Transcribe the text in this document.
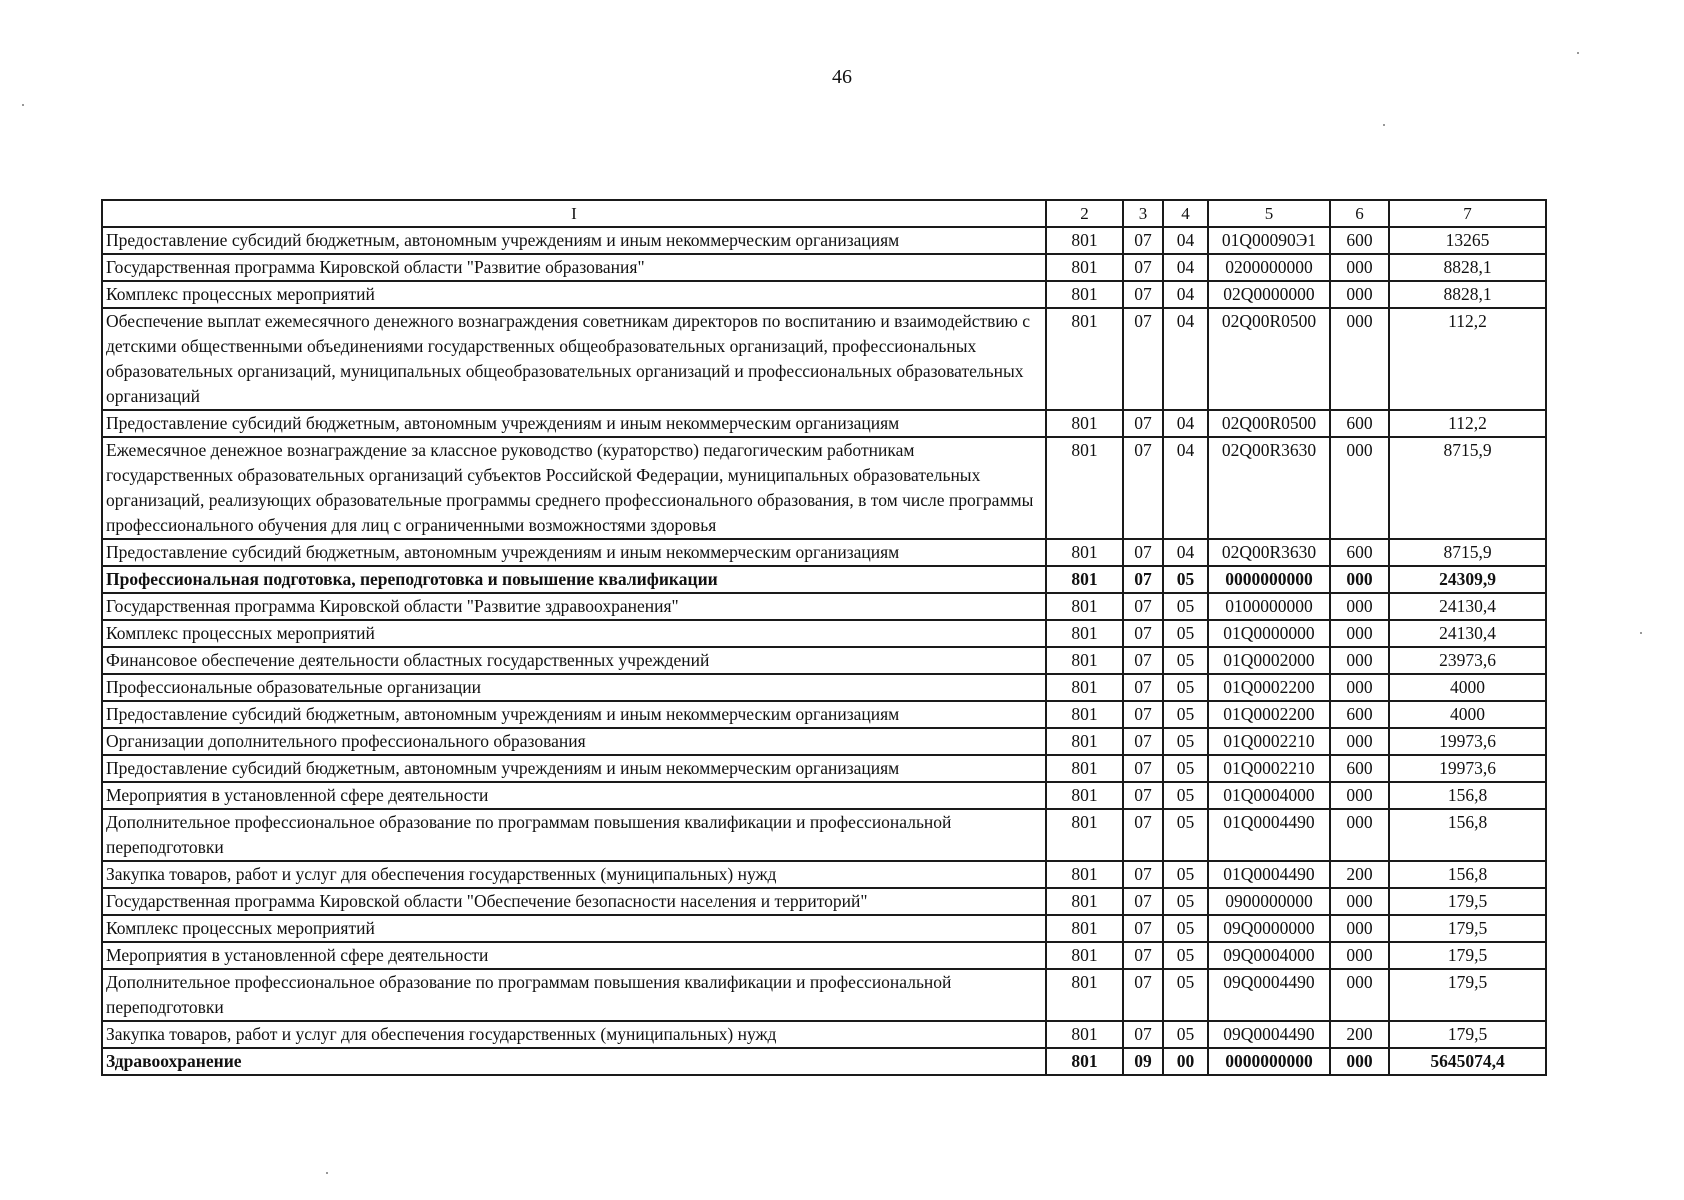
46
I	2	3	4	5	6	7
Предоставление субсидий бюджетным, автономным учреждениям и иным некоммерческим организациям	801	07	04	01Q00090Э1	600	13265
Государственная программа Кировской области "Развитие образования"	801	07	04	0200000000	000	8828,1
Комплекс процессных мероприятий	801	07	04	02Q0000000	000	8828,1
Обеспечение выплат ежемесячного денежного вознаграждения советникам директоров по воспитанию и взаимодействию с детскими общественными объединениями государственных общеобразовательных организаций, профессиональных образовательных организаций, муниципальных общеобразовательных организаций и профессиональных образовательных организаций	801	07	04	02Q00R0500	000	112,2
Предоставление субсидий бюджетным, автономным учреждениям и иным некоммерческим организациям	801	07	04	02Q00R0500	600	112,2
Ежемесячное денежное вознаграждение за классное руководство (кураторство) педагогическим работникам государственных образовательных организаций субъектов Российской Федерации, муниципальных образовательных организаций, реализующих образовательные программы среднего профессионального образования, в том числе программы профессионального обучения для лиц с ограниченными возможностями здоровья	801	07	04	02Q00R3630	000	8715,9
Предоставление субсидий бюджетным, автономным учреждениям и иным некоммерческим организациям	801	07	04	02Q00R3630	600	8715,9
Профессиональная подготовка, переподготовка и повышение квалификации	801	07	05	0000000000	000	24309,9
Государственная программа Кировской области "Развитие здравоохранения"	801	07	05	0100000000	000	24130,4
Комплекс процессных мероприятий	801	07	05	01Q0000000	000	24130,4
Финансовое обеспечение деятельности областных государственных учреждений	801	07	05	01Q0002000	000	23973,6
Профессиональные образовательные организации	801	07	05	01Q0002200	000	4000
Предоставление субсидий бюджетным, автономным учреждениям и иным некоммерческим организациям	801	07	05	01Q0002200	600	4000
Организации дополнительного профессионального образования	801	07	05	01Q0002210	000	19973,6
Предоставление субсидий бюджетным, автономным учреждениям и иным некоммерческим организациям	801	07	05	01Q0002210	600	19973,6
Мероприятия в установленной сфере деятельности	801	07	05	01Q0004000	000	156,8
Дополнительное профессиональное образование по программам повышения квалификации и профессиональной переподготовки	801	07	05	01Q0004490	000	156,8
Закупка товаров, работ и услуг для обеспечения государственных (муниципальных) нужд	801	07	05	01Q0004490	200	156,8
Государственная программа Кировской области "Обеспечение безопасности населения и территорий"	801	07	05	0900000000	000	179,5
Комплекс процессных мероприятий	801	07	05	09Q0000000	000	179,5
Мероприятия в установленной сфере деятельности	801	07	05	09Q0004000	000	179,5
Дополнительное профессиональное образование по программам повышения квалификации и профессиональной переподготовки	801	07	05	09Q0004490	000	179,5
Закупка товаров, работ и услуг для обеспечения государственных (муниципальных) нужд	801	07	05	09Q0004490	200	179,5
Здравоохранение	801	09	00	0000000000	000	5645074,4
